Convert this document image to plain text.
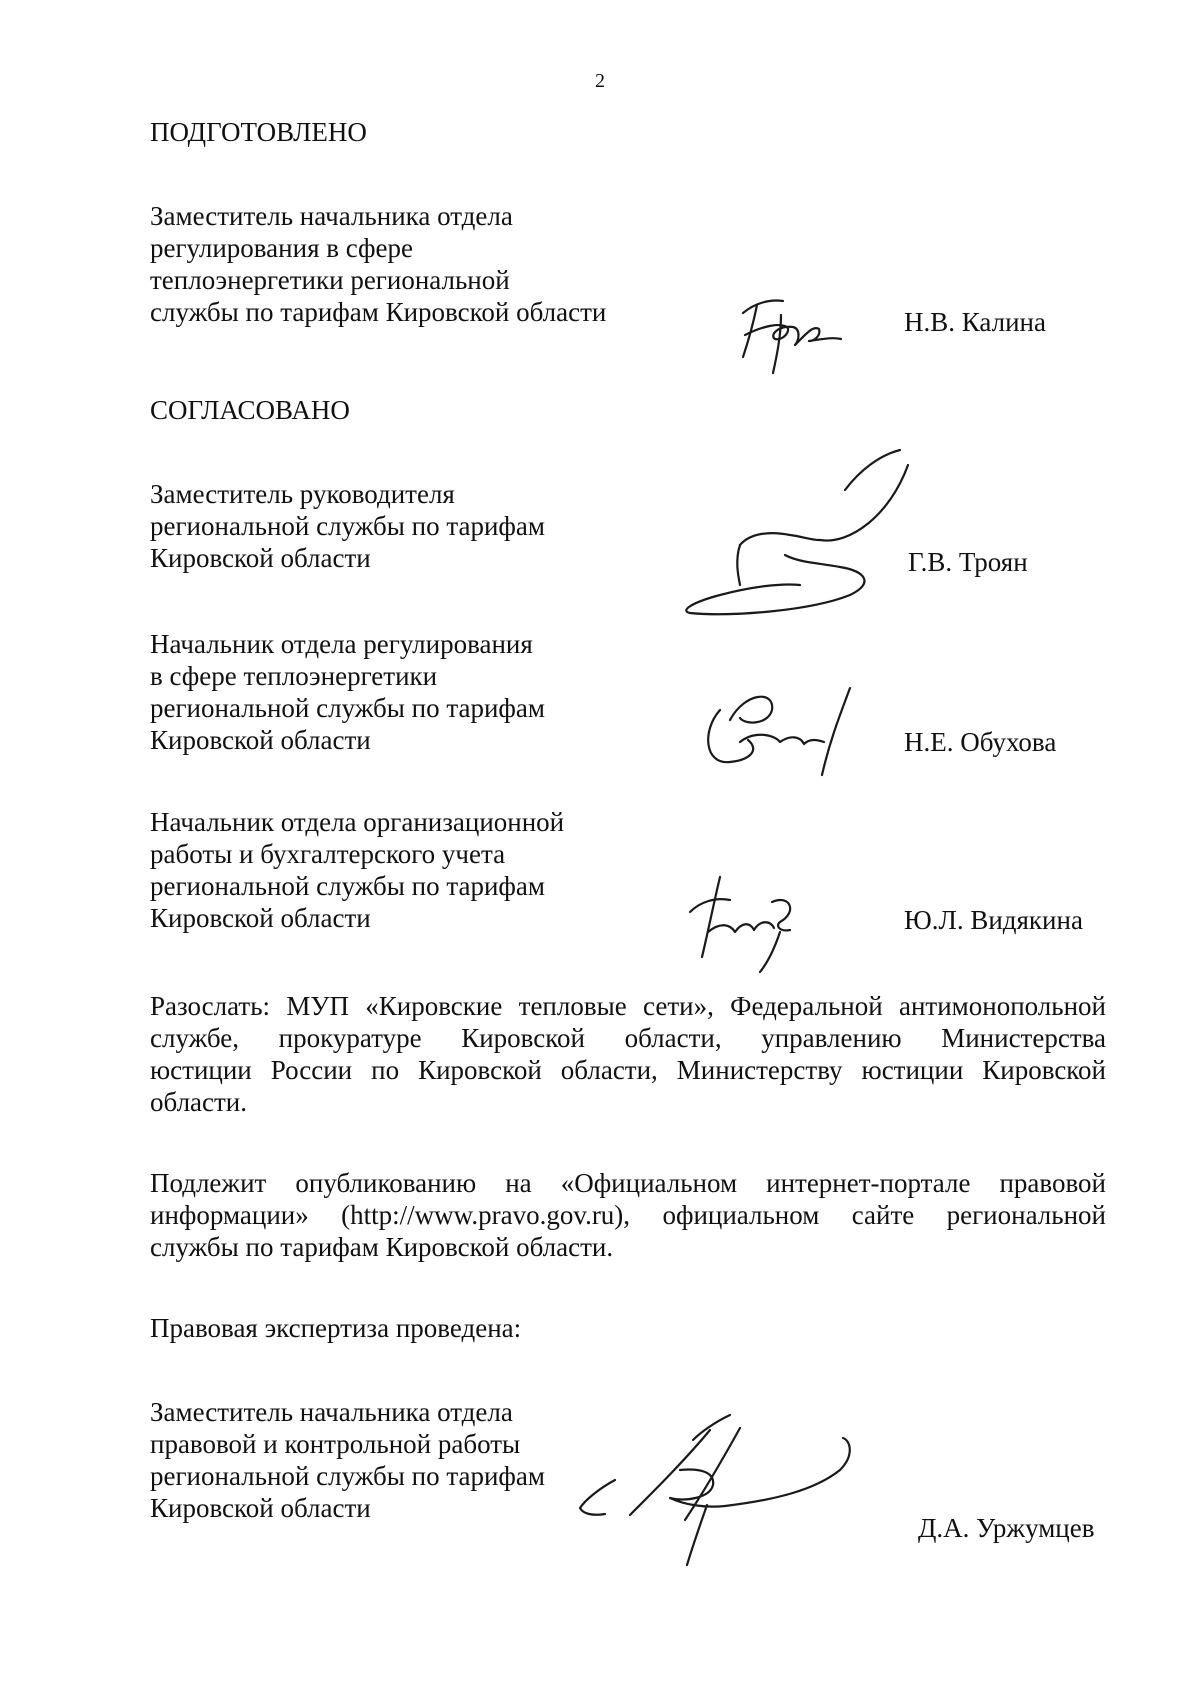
2
ПОДГОТОВЛЕНО
Заместитель начальника отдела
регулирования в сфере
теплоэнергетики региональной
службы по тарифам Кировской области	Н.В. Калина
СОГЛАСОВАНО
Заместитель руководителя
региональной службы по тарифам
Кировской области	Г.В. Троян
Начальник отдела регулирования
в сфере теплоэнергетики
региональной службы по тарифам
Кировской области	Н.Е. Обухова
Начальник отдела организационной
работы и бухгалтерского учета
региональной службы по тарифам
Кировской области	Ю.Л. Видякина
Разослать: МУП «Кировские тепловые сети», Федеральной антимонопольной
службе, прокуратуре Кировской области, управлению Министерства
юстиции России по Кировской области, Министерству юстиции Кировской
области.
Подлежит опубликованию на «Официальном интернет-портале правовой
информации» (http://www.pravo.gov.ru), официальном сайте региональной
службы по тарифам Кировской области.
Правовая экспертиза проведена:
Заместитель начальника отдела
правовой и контрольной работы
региональной службы по тарифам
Кировской области
Д.А. Уржумцев
